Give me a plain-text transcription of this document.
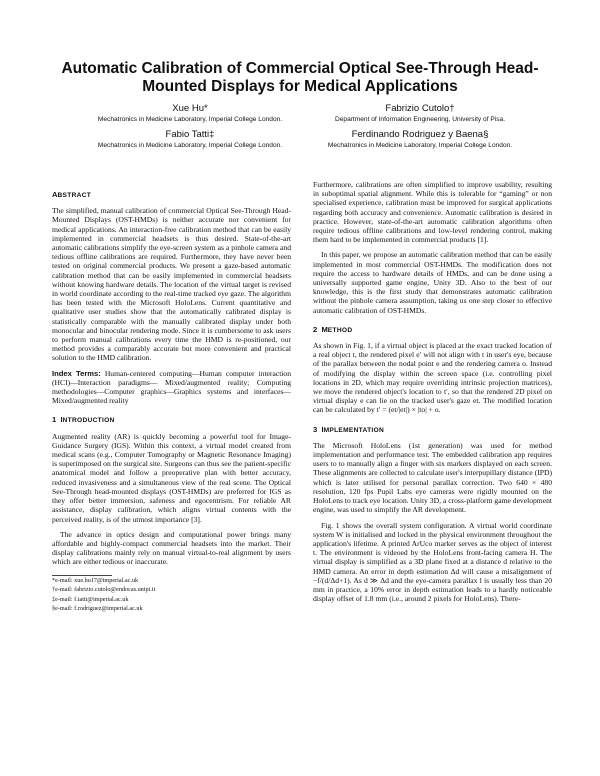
Automatic Calibration of Commercial Optical See-Through Head-Mounted Displays for Medical Applications
Xue Hu*
Mechatronics in Medicine Laboratory, Imperial College London.
Fabio Tatti‡
Mechatronics in Medicine Laboratory, Imperial College London.
Fabrizio Cutolo†
Department of Information Engineering, University of Pisa.
Ferdinando Rodriguez y Baena§
Mechatronics in Medicine Laboratory, Imperial College London.
ABSTRACT

The simplified, manual calibration of commercial Optical See-Through Head-Mounted Displays (OST-HMDs) is neither accurate nor convenient for medical applications. An interaction-free calibration method that can be easily implemented in commercial headsets is thus desired. State-of-the-art automatic calibrations simplify the eye-screen system as a pinhole camera and tedious offline calibrations are required. Furthermore, they have never been tested on original commercial products. We present a gaze-based automatic calibration method that can be easily implemented in commercial headsets without knowing hardware details. The location of the virtual target is revised in world coordinate according to the real-time tracked eye gaze. The algorithm has been tested with the Microsoft HoloLens. Current quantitative and qualitative user studies show that the automatically calibrated display is statistically comparable with the manually calibrated display under both monocular and binocular rendering mode. Since it is cumbersome to ask users to perform manual calibrations every time the HMD is re-positioned, our method provides a comparably accurate but more convenient and practical solution to the HMD calibration.

Index Terms: Human-centered computing—Human computer interaction (HCI)—Interaction paradigms— Mixed/augmented reality; Computing methodologies—Computer graphics—Graphics systems and interfaces—Mixed/augmented reality

1 INTRODUCTION

Augmented reality (AR) is quickly becoming a powerful tool for Image-Guidance Surgery (IGS). Within this context, a virtual model created from medical scans (e.g., Computer Tomography or Magnetic Resonance Imaging) is superimposed on the surgical site. Surgeons can thus see the patient-specific anatomical model and follow a preoperative plan with better accuracy, reduced invasiveness and a simultaneous view of the real scene. The Optical See-Through head-mounted displays (OST-HMDs) are preferred for IGS as they offer better immersion, safeness and egocentrism. For reliable AR assistance, display calibration, which aligns virtual contents with the perceived reality, is of the utmost importance [3].

The advance in optics design and computational power brings many affordable and highly-compact commercial headsets into the market. Their display calibrations mainly rely on manual virtual-to-real alignment by users which are either tedious or inaccurate.

*e-mail: xue.hu17@imperial.ac.uk
†e-mail: fabrizio.cutolo@endocas.unipi.it
‡e-mail: f.tatti@imperial.ac.uk
§e-mail: f.rodriguez@imperial.ac.uk

Furthermore, calibrations are often simplified to improve usability, resulting in suboptimal spatial alignment. While this is tolerable for “gaming” or non specialised experience, calibration must be improved for surgical applications regarding both accuracy and convenience. Automatic calibration is desired in practice. However, state-of-the-art automatic calibration algorithms often require tedious offline calibrations and low-level rendering control, making them hard to be implemented in commercial products [1].

In this paper, we propose an automatic calibration method that can be easily implemented in most commercial OST-HMDs. The modification does not require the access to hardware details of HMDs, and can be done using a universally supported game engine, Unity 3D. Also to the best of our knowledge, this is the first study that demonstrates automatic calibration without the pinhole camera assumption, taking us one step closer to effective automatic calibration of OST-HMDs.

2 METHOD

As shown in Fig. 1, if a virtual object is placed at the exact tracked location of a real object t, the rendered pixel e′ will not align with t in user's eye, because of the parallax between the nodal point e and the rendering camera o. Instead of modifying the display within the screen space (i.e. controlling pixel locations in 2D, which may require overriding intrinsic projection matrices), we move the rendered object's location to t′, so that the rendered 2D pixel on virtual display e can lie on the tracked user's gaze et. The modified location can be calculated by t′ = (et/|et|) × |to| + o.

3 IMPLEMENTATION

The Microsoft HoloLens (1st generation) was used for method implementation and performance test. The embedded calibration app requires users to to manually align a finger with six markers displayed on each screen. These alignments are collected to calculate user's interpupillary distance (IPD) which is later utilised for personal parallax correction. Two 640 × 480 resolution, 120 fps Pupil Labs eye cameras were rigidly mounted on the HoloLens to track eye location. Unity 3D, a cross-platform game development engine, was used to simplify the AR development.

Fig. 1 shows the overall system configuration. A virtual world coordinate system W is initialised and locked in the physical environment throughout the application's lifetime. A printed ArUco marker serves as the object of interest t. The environment is videoed by the HoloLens front-facing camera H. The virtual display is simplified as a 3D plane fixed at a distance d relative to the HMD camera. An error in depth estimation Δd will cause a misalignment of −f/(d/Δd+1). As d ≫ Δd and the eye-camera parallax l is usually less than 20 mm in practice, a 10% error in depth estimation leads to a hardly noticeable display offset of 1.8 mm (i.e., around 2 pixels for HoloLens). There-
